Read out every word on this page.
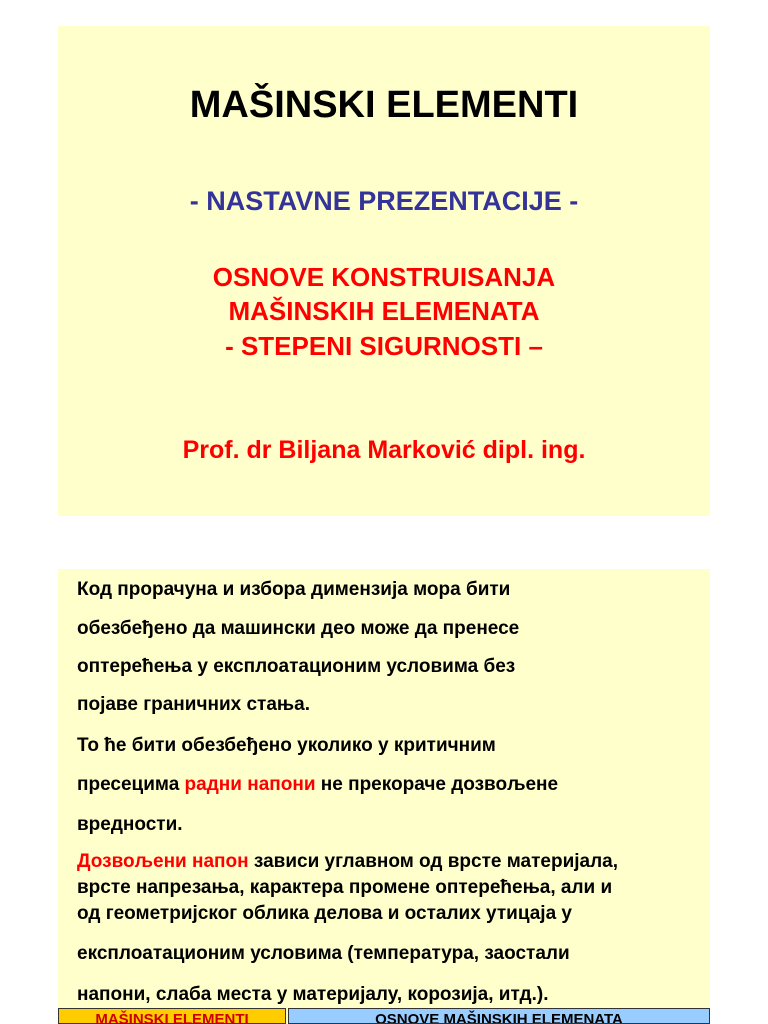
MAŠINSKI ELEMENTI
- NASTAVNE PREZENTACIJE -
OSNOVE KONSTRUISANJA
MAŠINSKIH ELEMENATA
- STEPENI SIGURNOSTI –
Prof. dr Biljana Marković dipl. ing.
Код прорачуна и избора димензија мора бити
обезбеђено да машински део може да пренесе
оптерећења у експлоатационим условима без
појаве граничних стања.
То ће бити обезбеђено уколико у критичним
пресецима радни напони не прекораче дозвољене
вредности.
Дозвољени напон зависи углавном од врсте материјала,
врсте напрезања, карактера промене оптерећења, али и
од геометријског облика делова и осталих утицаја у
експлоатационим условима (температура, заостали
напони, слаба места у материјалу, корозија, итд.).
MAŠINSKI ELEMENTI	OSNOVE MAŠINSKIH ELEMENATA
